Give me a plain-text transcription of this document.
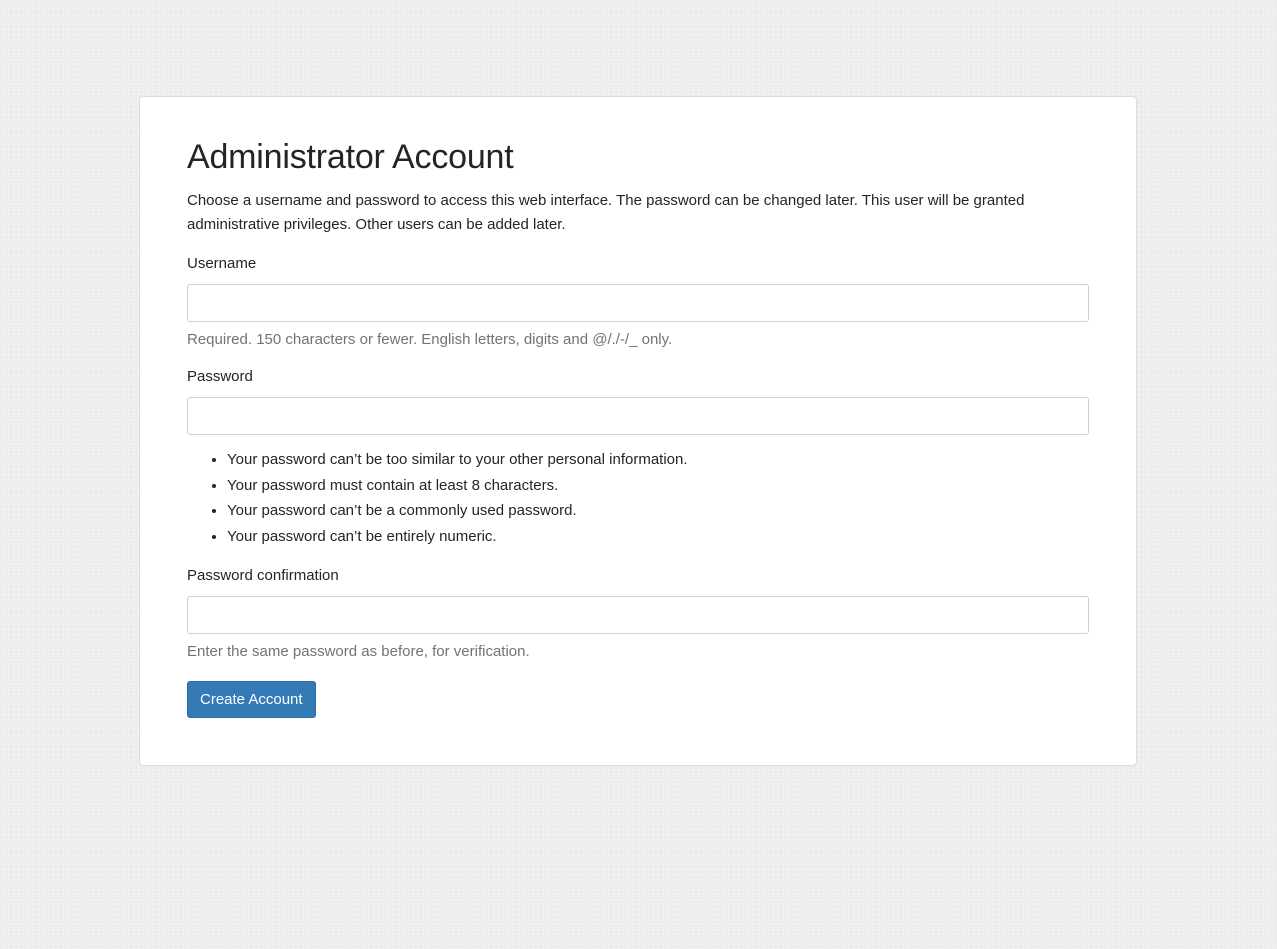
Administrator Account

Choose a username and password to access this web interface. The password can be changed later. This user will be granted administrative privileges. Other users can be added later.

Username
Required. 150 characters or fewer. English letters, digits and @/./-/_ only.
Password
• Your password can’t be too similar to your other personal information.
• Your password must contain at least 8 characters.
• Your password can’t be a commonly used password.
• Your password can’t be entirely numeric.
Password confirmation
Enter the same password as before, for verification.
Create Account
